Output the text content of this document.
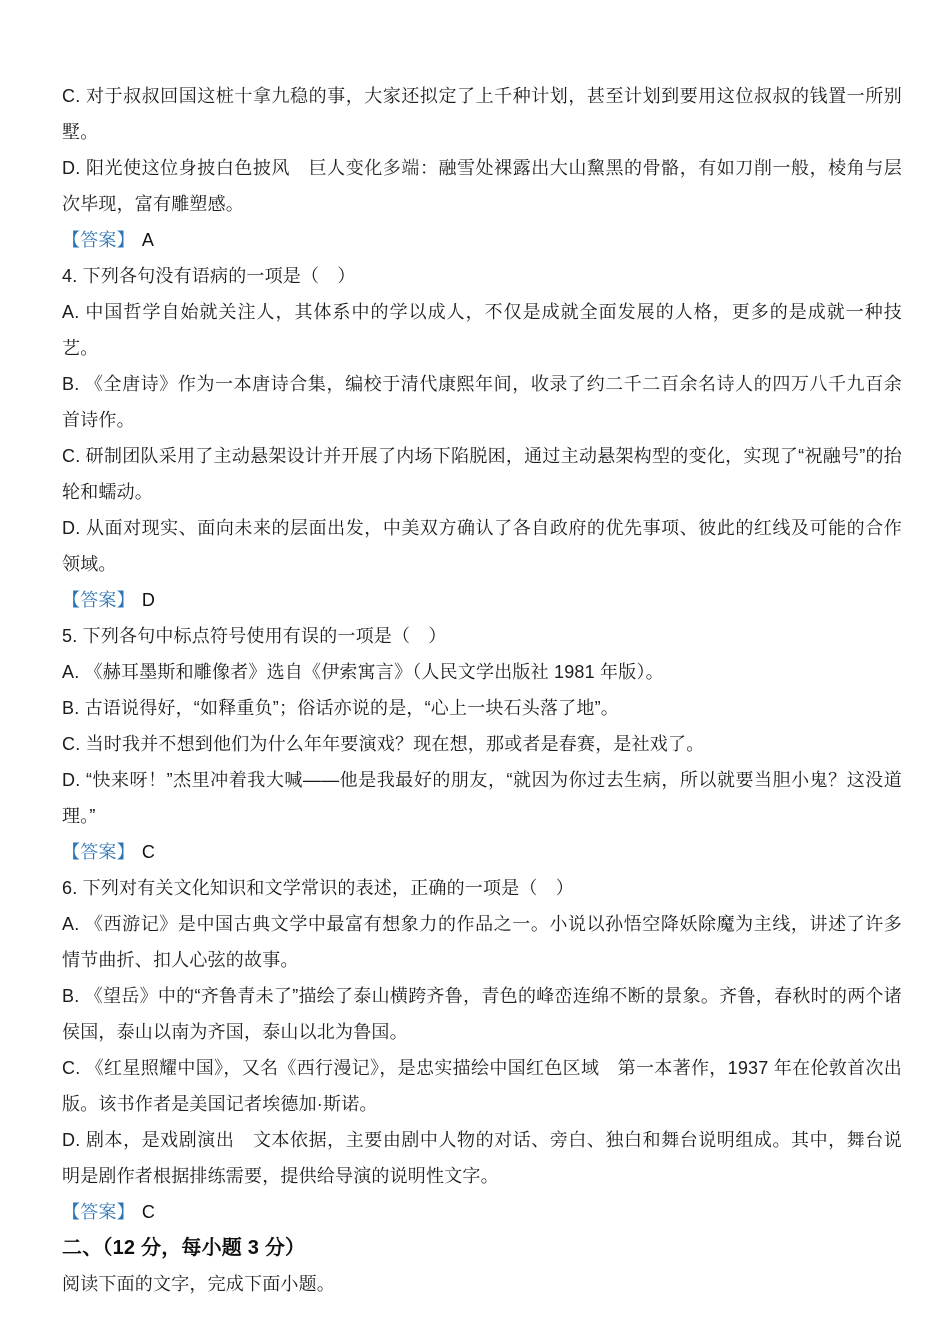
C. 对于叔叔回国这桩十拿九稳的事，大家还拟定了上千种计划，甚至计划到要用这位叔叔的钱置一所别墅。

D. 阳光使这位身披白色披风　巨人变化多端：融雪处裸露出大山黧黑的骨骼，有如刀削一般，棱角与层次毕现，富有雕塑感。

【答案】 A

4. 下列各句没有语病的一项是（　）

A. 中国哲学自始就关注人，其体系中的学以成人，不仅是成就全面发展的人格，更多的是成就一种技艺。

B. 《全唐诗》作为一本唐诗合集，编校于清代康熙年间，收录了约二千二百余名诗人的四万八千九百余首诗作。

C. 研制团队采用了主动悬架设计并开展了内场下陷脱困，通过主动悬架构型的变化，实现了“祝融号”的抬轮和蠕动。

D. 从面对现实、面向未来的层面出发，中美双方确认了各自政府的优先事项、彼此的红线及可能的合作领域。

【答案】 D

5. 下列各句中标点符号使用有误的一项是（　）

A. 《赫耳墨斯和雕像者》选自《伊索寓言》（人民文学出版社 1981 年版）。

B. 古语说得好，“如释重负”；俗话亦说的是，“心上一块石头落了地”。

C. 当时我并不想到他们为什么年年要演戏？现在想，那或者是春赛，是社戏了。

D. “快来呀！”杰里冲着我大喊——他是我最好的朋友，“就因为你过去生病，所以就要当胆小鬼？这没道理。”

【答案】 C

6. 下列对有关文化知识和文学常识的表述，正确的一项是（　）

A. 《西游记》是中国古典文学中最富有想象力的作品之一。小说以孙悟空降妖除魔为主线，讲述了许多情节曲折、扣人心弦的故事。

B. 《望岳》中的“齐鲁青未了”描绘了泰山横跨齐鲁，青色的峰峦连绵不断的景象。齐鲁，春秋时的两个诸侯国，泰山以南为齐国，泰山以北为鲁国。

C. 《红星照耀中国》，又名《西行漫记》，是忠实描绘中国红色区域　第一本著作，1937 年在伦敦首次出版。该书作者是美国记者埃德加·斯诺。

D. 剧本，是戏剧演出　文本依据，主要由剧中人物的对话、旁白、独白和舞台说明组成。其中，舞台说明是剧作者根据排练需要，提供给导演的说明性文字。

【答案】 C

二、（12 分，每小题 3 分）

阅读下面的文字，完成下面小题。
